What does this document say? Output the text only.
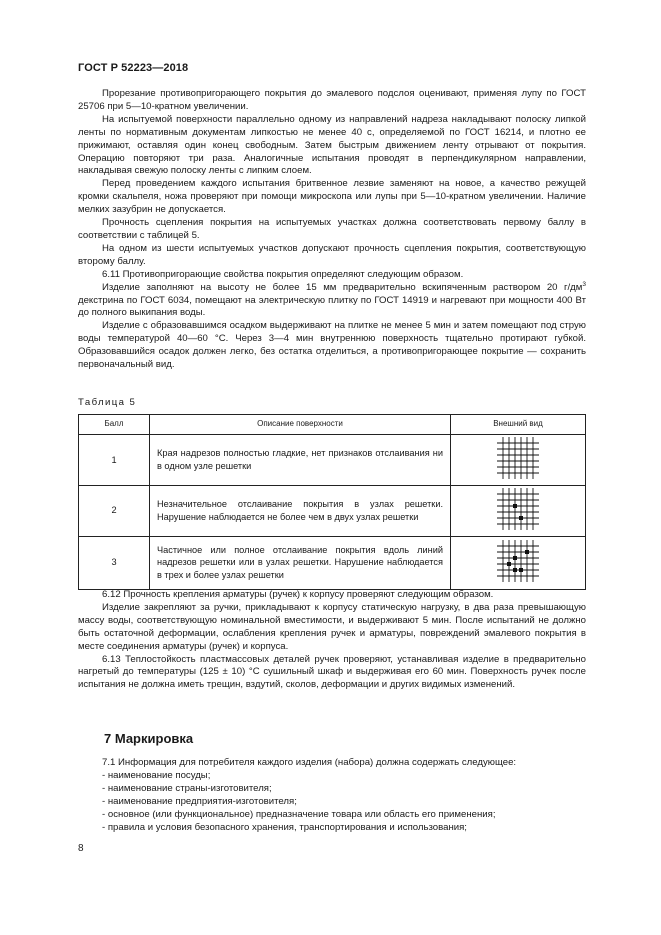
ГОСТ Р 52223—2018

Прорезание противопригорающего покрытия до эмалевого подслоя оценивают, применяя лупу по ГОСТ 25706 при 5—10-кратном увеличении.

На испытуемой поверхности параллельно одному из направлений надреза накладывают полоску липкой ленты по нормативным документам липкостью не менее 40 с, определяемой по ГОСТ 16214, и плотно ее прижимают, оставляя один конец свободным. Затем быстрым движением ленту отрывают от покрытия. Операцию повторяют три раза. Аналогичные испытания проводят в перпендикулярном направлении, накладывая свежую полоску ленты с липким слоем.

Перед проведением каждого испытания бритвенное лезвие заменяют на новое, а качество режущей кромки скальпеля, ножа проверяют при помощи микроскопа или лупы при 5—10-кратном увеличении. Наличие мелких зазубрин не допускается.

Прочность сцепления покрытия на испытуемых участках должна соответствовать первому баллу в соответствии с таблицей 5.

На одном из шести испытуемых участков допускают прочность сцепления покрытия, соответствующую второму баллу.

6.11 Противопригорающие свойства покрытия определяют следующим образом.

Изделие заполняют на высоту не более 15 мм предварительно вскипяченным раствором 20 $г/дм^3$ декстрина по ГОСТ 6034, помещают на электрическую плитку по ГОСТ 14919 и нагревают при мощности 400 Вт до полного выкипания воды.

Изделие с образовавшимся осадком выдерживают на плитке не менее 5 мин и затем помещают под струю воды температурой 40—60 °С. Через 3—4 мин внутреннюю поверхность тщательно протирают губкой. Образовавшийся осадок должен легко, без остатка отделиться, а противопригорающее покрытие — сохранить первоначальный вид.

Таблица 5
Балл	Описание поверхности	Внешний вид
1	Края надрезов полностью гладкие, нет признаков отслаивания ни в одном узле решетки	
2	Незначительное отслаивание покрытия в узлах решетки. Нарушение наблюдается не более чем в двух узлах решетки	
3	Частичное или полное отслаивание покрытия вдоль линий надрезов решетки или в узлах решетки. Нарушение наблюдается в трех и более узлах решетки	

6.12 Прочность крепления арматуры (ручек) к корпусу проверяют следующим образом.

Изделие закрепляют за ручки, прикладывают к корпусу статическую нагрузку, в два раза превышающую массу воды, соответствующую номинальной вместимости, и выдерживают 5 мин. После испытаний не должно быть остаточной деформации, ослабления крепления ручек и арматуры, повреждений эмалевого покрытия в месте соединения арматуры (ручек) и корпуса.

6.13 Теплостойкость пластмассовых деталей ручек проверяют, устанавливая изделие в предварительно нагретый до температуры (125 ± 10) °С сушильный шкаф и выдерживая его 60 мин. Поверхность ручек после испытания не должна иметь трещин, вздутий, сколов, деформации и других видимых изменений.

7 Маркировка

7.1 Информация для потребителя каждого изделия (набора) должна содержать следующее:

- наименование посуды;
- наименование страны-изготовителя;
- наименование предприятия-изготовителя;
- основное (или функциональное) предназначение товара или область его применения;
- правила и условия безопасного хранения, транспортирования и использования;
8
